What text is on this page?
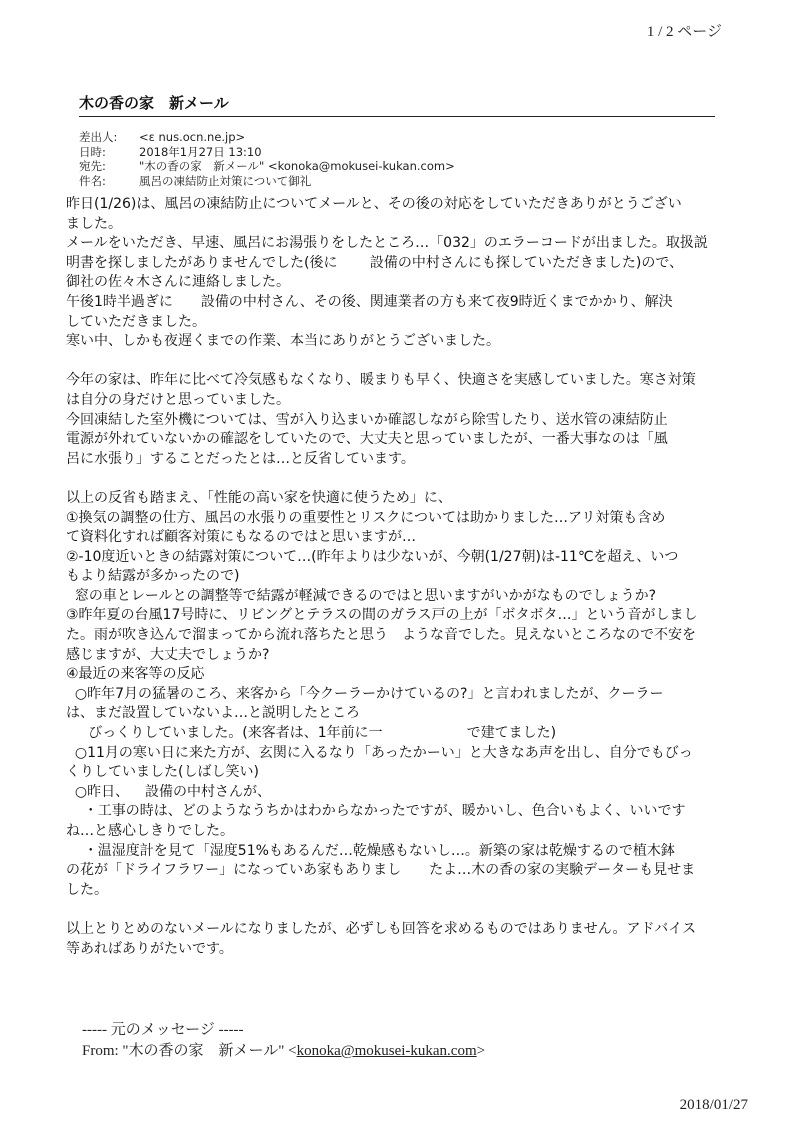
1 / 2 ページ
木の香の家　新メール
差出人:	<ε nus.ocn.ne.jp>
日時:	2018年1月27日 13:10
宛先:	"木の香の家　新メール" <konoka@mokusei-kukan.com>
件名:	風呂の凍結防止対策について御礼

昨日(1/26)は、風呂の凍結防止についてメールと、その後の対応をしていただきありがとうござい

ました。

メールをいただき、早速、風呂にお湯張りをしたところ…「032」のエラーコードが出ました。取扱説

明書を探しましたがありませんでした(後に　　 設備の中村さんにも探していただきました)ので、

御社の佐々木さんに連絡しました。

午後1時半過ぎに　　設備の中村さん、その後、関連業者の方も来て夜9時近くまでかかり、解決

していただきました。

寒い中、しかも夜遅くまでの作業、本当にありがとうございました。

今年の家は、昨年に比べて冷気感もなくなり、暖まりも早く、快適さを実感していました。寒さ対策

は自分の身だけと思っていました。

今回凍結した室外機については、雪が入り込まいか確認しながら除雪したり、送水管の凍結防止

電源が外れていないかの確認をしていたので、大丈夫と思っていましたが、一番大事なのは「風

呂に水張り」することだったとは…と反省しています。

以上の反省も踏まえ、「性能の高い家を快適に使うため」に、

①換気の調整の仕方、風呂の水張りの重要性とリスクについては助かりました…アリ対策も含め

て資料化すれば顧客対策にもなるのではと思いますが…

②-10度近いときの結露対策について…(昨年よりは少ないが、今朝(1/27朝)は-11℃を超え、いつ

もより結露が多かったので)

窓の車とレールとの調整等で結露が軽減できるのではと思いますがいかがなものでしょうか?

③昨年夏の台風17号時に、リビングとテラスの間のガラス戸の上が「ボタボタ…」という音がしまし

た。雨が吹き込んで溜まってから流れ落ちたと思う　ような音でした。見えないところなので不安を

感じますが、大丈夫でしょうか?

④最近の来客等の反応

○昨年7月の猛暑のころ、来客から「今クーラーかけているの?」と言われましたが、クーラー

は、まだ設置していないよ…と説明したところ

びっくりしていました。(来客者は、1年前に一　　　　　　で建てました)

○11月の寒い日に来た方が、玄関に入るなり「あったかーい」と大きなあ声を出し、自分でもびっ

くりしていました(しばし笑い)

○昨日、　  設備の中村さんが、

・工事の時は、どのようなうちかはわからなかったですが、暖かいし、色合いもよく、いいです

ね…と感心しきりでした。

・温湿度計を見て「湿度51%もあるんだ…乾燥感もないし…。新築の家は乾燥するので植木鉢

の花が「ドライフラワー」になっていあ家もありまし　　たよ…木の香の家の実験データーも見せま

した。

以上とりとめのないメールになりましたが、必ずしも回答を求めるものではありません。アドバイス

等あればありがたいです。

----- 元のメッセージ -----
From: "木の香の家　新メール" <konoka@mokusei-kukan.com>
2018/01/27
